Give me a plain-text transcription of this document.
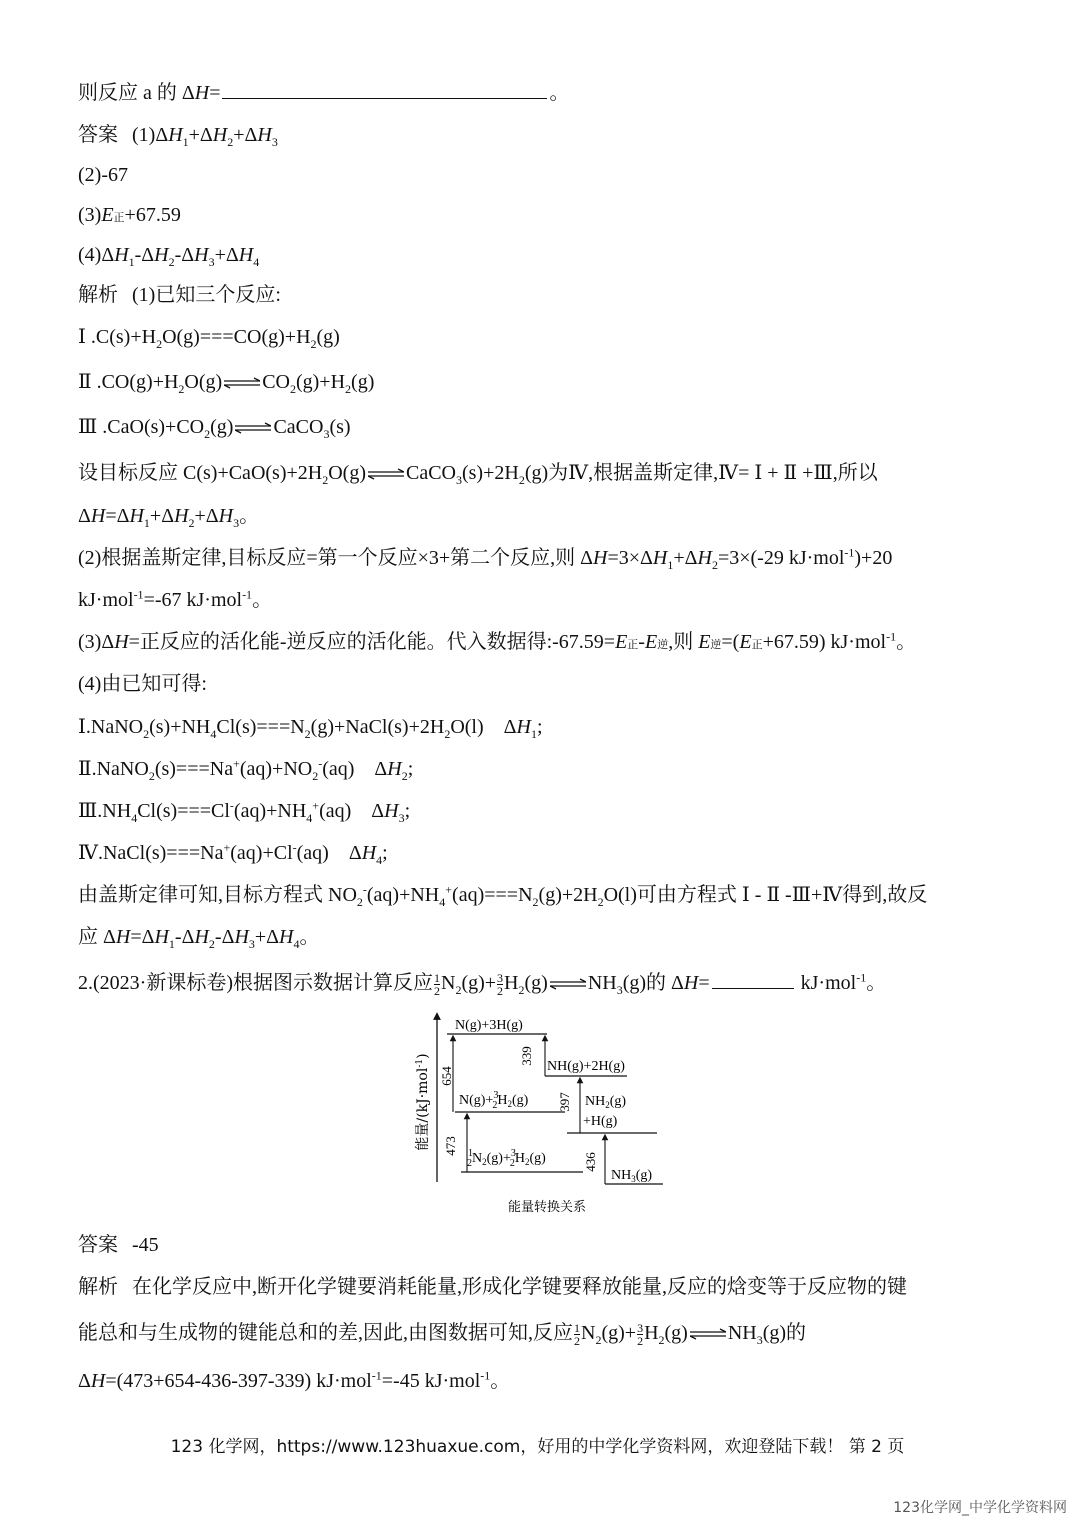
则反应 a 的 ΔH=	。
答案 $(1)\Delta H_1+\Delta H_2+\Delta H_3$
(2)-67
(3)E正+67.59
$(4)\Delta H_1-\Delta H_2-\Delta H_3+\Delta H_4$
解析 (1)已知三个反应:
Ⅰ $.C(s)+H_2O(g)===CO(g)+H_2(g)$
Ⅱ $.CO(g)+H_2O(g)$ $CO_2(g)+H_2(g)$
Ⅲ $.CaO(s)+CO_2(g)$ CaCO$_3$(s)
设目标反应 $C(s)+CaO(s)+2H_2O(g)$ $CaCO_3(s)+2H_2(g)$为Ⅳ,根据盖斯定律,Ⅳ= Ⅰ + Ⅱ +Ⅲ,所以
$\Delta H=\Delta H_1+\Delta H_2+\Delta H_3$。
(2)根据盖斯定律,目标反应=第一个反应×3+第二个反应,则 $\Delta H=3\times\Delta H_1+\Delta H_2=3\times(-29$ kJ·mol$^{-1}$)+20
kJ·mol$^{-1}$=-67 kJ·mol$^{-1}$。
(3)ΔH=正反应的活化能-逆反应的活化能。代入数据得:-67.59=E正-E逆,则 E逆=(E正+67.59) kJ·mol$^{-1}$。
(4)由已知可得:
$Ⅰ.NaNO_2(s)+NH_4Cl(s)===N_2(g)+NaCl(s)+2H_2O(l)$    $\Delta H_1$;
$Ⅱ.NaNO_2(s)===Na^+(aq)+NO_2^-(aq)$    $\Delta H_2$;
$Ⅲ.NH_4Cl(s)===Cl^-(aq)+NH_4^+(aq)$    $\Delta H_3$;
Ⅳ.NaCl(s)===Na+(aq)+Cl-(aq)    $\Delta H_4$;
由盖斯定律可知,目标方程式 $NO_2^-(aq)+NH_4^+(aq)===N_2(g)+2H_2O(l)$可由方程式 Ⅰ - Ⅱ -Ⅲ+Ⅳ得到,故反
应 $\Delta H=\Delta H_1-\Delta H_2-\Delta H_3+\Delta H_4$。
2.(2023·新课标卷)根据图示数据计算反应 $\frac{1}{2} N_2(g)+ \frac{3}{2} H_2(g)$ $NH_3(g)$的 ΔH=	kJ·mol$^{-1}$。
能量/(kJ·mol$^{-1}$)
N(g)+3H(g)
NH(g)+2H(g)
N(g)+$^3$ $2H_2(g)$	$NH_2(g)$
+H(g)
$^1$ $2N_2(g)+^3$ $2H_2(g)$
$NH_3(g)$
654
339
397
473
436
能量转换关系
答案 -45
解析 在化学反应中,断开化学键要消耗能量,形成化学键要释放能量,反应的焓变等于反应物的键
能总和与生成物的键能总和的差,因此,由图数据可知,反应 $\frac{1}{2} N_2(g)+ \frac{3}{2} H_2(g)$ $NH_3(g)$的
ΔH=(473+654-436-397-339) kJ·mol$^{-1}$=-45 kJ·mol$^{-1}$。
123 化学网，https://www.123huaxue.com，好用的中学化学资料网，欢迎登陆下载！ 第 2 页
123化学网_中学化学资料网
